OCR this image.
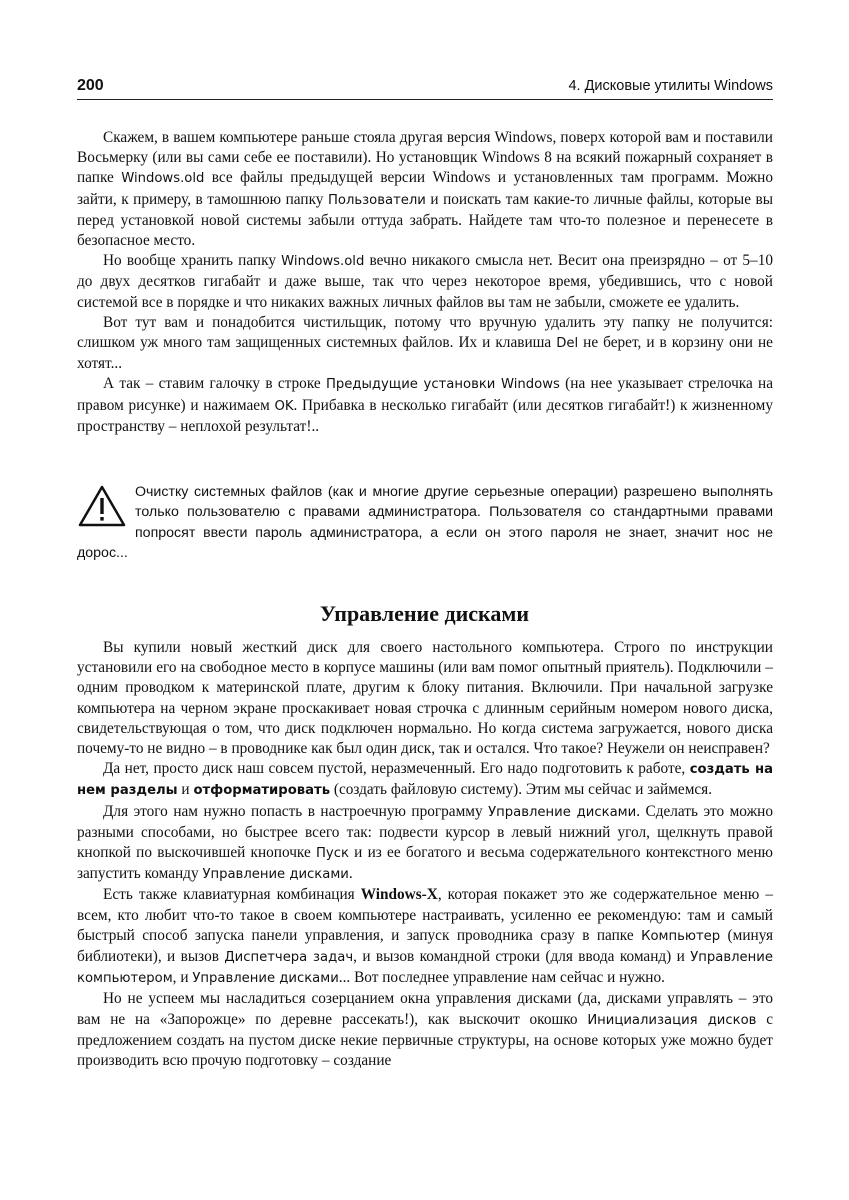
200	4. Дисковые утилиты Windows

Скажем, в вашем компьютере раньше стояла другая версия Windows, поверх которой вам и поставили Восьмерку (или вы сами себе ее поставили). Но установщик Windows 8 на всякий пожарный сохраняет в папке Windows.old все файлы предыдущей версии Windows и установленных там программ. Можно зайти, к примеру, в тамошнюю папку Пользователи и поискать там какие-то личные файлы, которые вы перед установкой новой системы забыли оттуда забрать. Найдете там что-то полезное и перенесете в безопасное место.

Но вообще хранить папку Windows.old вечно никакого смысла нет. Весит она преизрядно – от 5–10 до двух десятков гигабайт и даже выше, так что через некоторое время, убедившись, что с новой системой все в порядке и что никаких важных личных файлов вы там не забыли, сможете ее удалить.

Вот тут вам и понадобится чистильщик, потому что вручную удалить эту папку не получится: слишком уж много там защищенных системных файлов. Их и клавиша Del не берет, и в корзину они не хотят...

А так – ставим галочку в строке Предыдущие установки Windows (на нее указывает стрелочка на правом рисунке) и нажимаем OK. Прибавка в несколько гигабайт (или десятков гигабайт!) к жизненному пространству – неплохой результат!..

Очистку системных файлов (как и многие другие серьезные операции) разрешено выполнять только пользователю с правами администратора. Пользователя со стандартными правами попросят ввести пароль администратора, а если он этого пароля не знает, значит нос не дорос...
Управление дисками

Вы купили новый жесткий диск для своего настольного компьютера. Строго по инструкции установили его на свободное место в корпусе машины (или вам помог опытный приятель). Подключили – одним проводком к материнской плате, другим к блоку питания. Включили. При начальной загрузке компьютера на черном экране проскакивает новая строчка с длинным серийным номером нового диска, свидетельствующая о том, что диск подключен нормально. Но когда система загружается, нового диска почему-то не видно – в проводнике как был один диск, так и остался. Что такое? Неужели он неисправен?

Да нет, просто диск наш совсем пустой, неразмеченный. Его надо подготовить к работе, создать на нем разделы и отформатировать (создать файловую систему). Этим мы сейчас и займемся.

Для этого нам нужно попасть в настроечную программу Управление дисками. Сделать это можно разными способами, но быстрее всего так: подвести курсор в левый нижний угол, щелкнуть правой кнопкой по выскочившей кнопочке Пуск и из ее богатого и весьма содержательного контекстного меню запустить команду Управление дисками.

Есть также клавиатурная комбинация Windows-X, которая покажет это же содержательное меню – всем, кто любит что-то такое в своем компьютере настраивать, усиленно ее рекомендую: там и самый быстрый способ запуска панели управления, и запуск проводника сразу в папке Компьютер (минуя библиотеки), и вызов Диспетчера задач, и вызов командной строки (для ввода команд) и Управление компьютером, и Управление дисками... Вот последнее управление нам сейчас и нужно.

Но не успеем мы насладиться созерцанием окна управления дисками (да, дисками управлять – это вам не на «Запорожце» по деревне рассекать!), как выскочит окошко Инициализация дисков с предложением создать на пустом диске некие первичные структуры, на основе которых уже можно будет производить всю прочую подготовку – создание
